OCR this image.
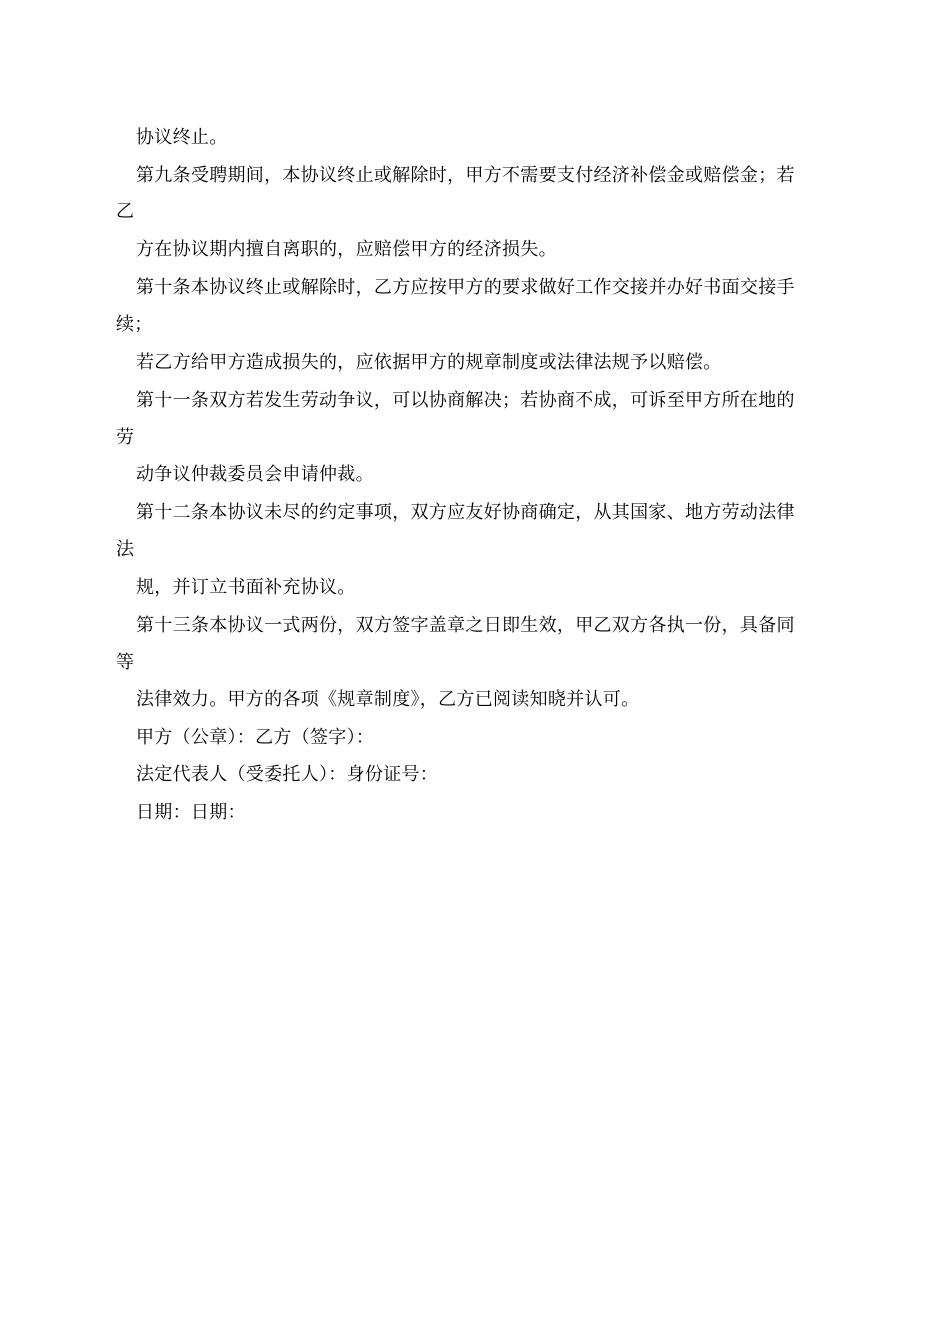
协议终止。
第九条受聘期间，本协议终止或解除时，甲方不需要支付经济补偿金或赔偿金；若
乙
方在协议期内擅自离职的，应赔偿甲方的经济损失。
第十条本协议终止或解除时，乙方应按甲方的要求做好工作交接并办好书面交接手
续；
若乙方给甲方造成损失的，应依据甲方的规章制度或法律法规予以赔偿。
第十一条双方若发生劳动争议，可以协商解决；若协商不成，可诉至甲方所在地的
劳
动争议仲裁委员会申请仲裁。
第十二条本协议未尽的约定事项，双方应友好协商确定，从其国家、地方劳动法律
法
规，并订立书面补充协议。
第十三条本协议一式两份，双方签字盖章之日即生效，甲乙双方各执一份，具备同
等
法律效力。甲方的各项《规章制度》，乙方已阅读知晓并认可。
甲方（公章）：乙方（签字）：
法定代表人（受委托人）：身份证号：
日期：日期：
